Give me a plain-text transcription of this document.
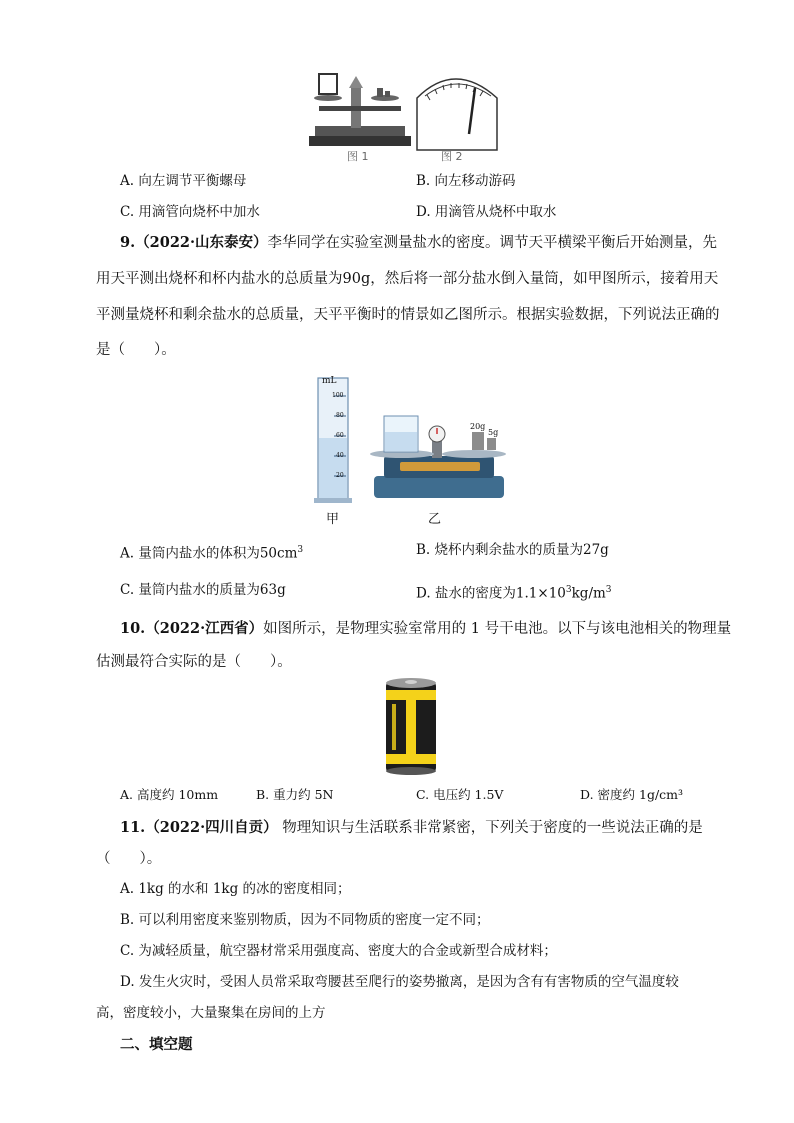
图 1	图 2
A. 向左调节平衡螺母	B. 向左移动游码
C. 用滴管向烧杯中加水	D. 用滴管从烧杯中取水
9.（2022·山东泰安）李华同学在实验室测量盐水的密度。调节天平横梁平衡后开始测量，先
用天平测出烧杯和杯内盐水的总质量为90g，然后将一部分盐水倒入量筒，如甲图所示，接着用天
平测量烧杯和剩余盐水的总质量，天平平衡时的情景如乙图所示。根据实验数据，下列说法正确的
是（　　）。
mL
100
80
60
40
20
20g
5g
甲	乙
A. 量筒内盐水的体积为$50cm^3$	B. 烧杯内剩余盐水的质量为27g
C. 量筒内盐水的质量为63g	D. 盐水的密度为$1.1\times 10^3kg/m^3$
10.（2022·江西省）如图所示，是物理实验室常用的 1 号干电池。以下与该电池相关的物理量
估测最符合实际的是（　　）。
A. 高度约 10mm	B. 重力约 5N	C. 电压约 1.5V	D. 密度约 1g/cm³
11.（2022·四川自贡） 物理知识与生活联系非常紧密，下列关于密度的一些说法正确的是
（　　）。
A. 1kg 的水和 1kg 的冰的密度相同；
B. 可以利用密度来鉴别物质，因为不同物质的密度一定不同；
C. 为减轻质量，航空器材常采用强度高、密度大的合金或新型合成材料；
D. 发生火灾时，受困人员常采取弯腰甚至爬行的姿势撤离，是因为含有有害物质的空气温度较
高，密度较小，大量聚集在房间的上方
二、填空题
